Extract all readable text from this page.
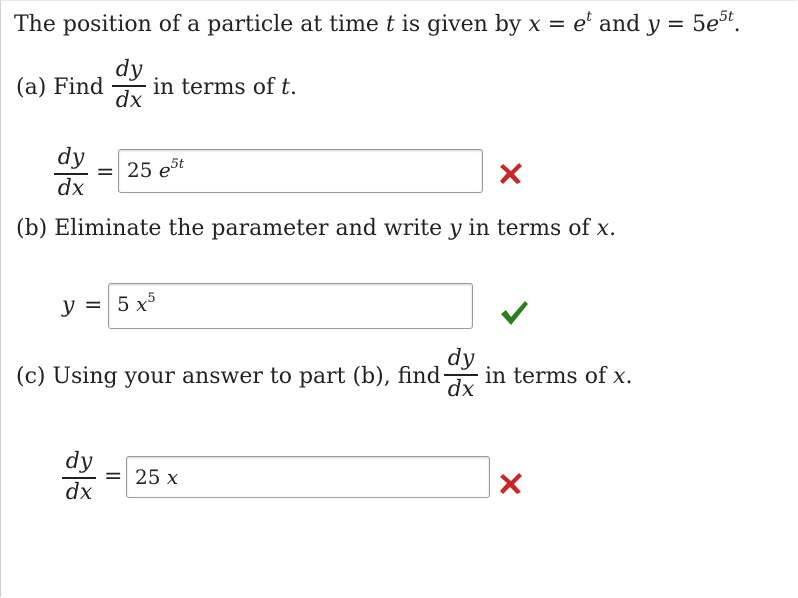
The position of a particle at time t is given by $x = e^t$ and $y = 5e^{5t}$.
(a) Find
dy
dx in terms of t.
dy
dx
= 25 $e^{5t}$
(b) Eliminate the parameter and write y in terms of x.
y = 5 $x^5$
(c) Using your answer to part (b), find
dy
dx in terms of x.
dy
dx
= 25 x
